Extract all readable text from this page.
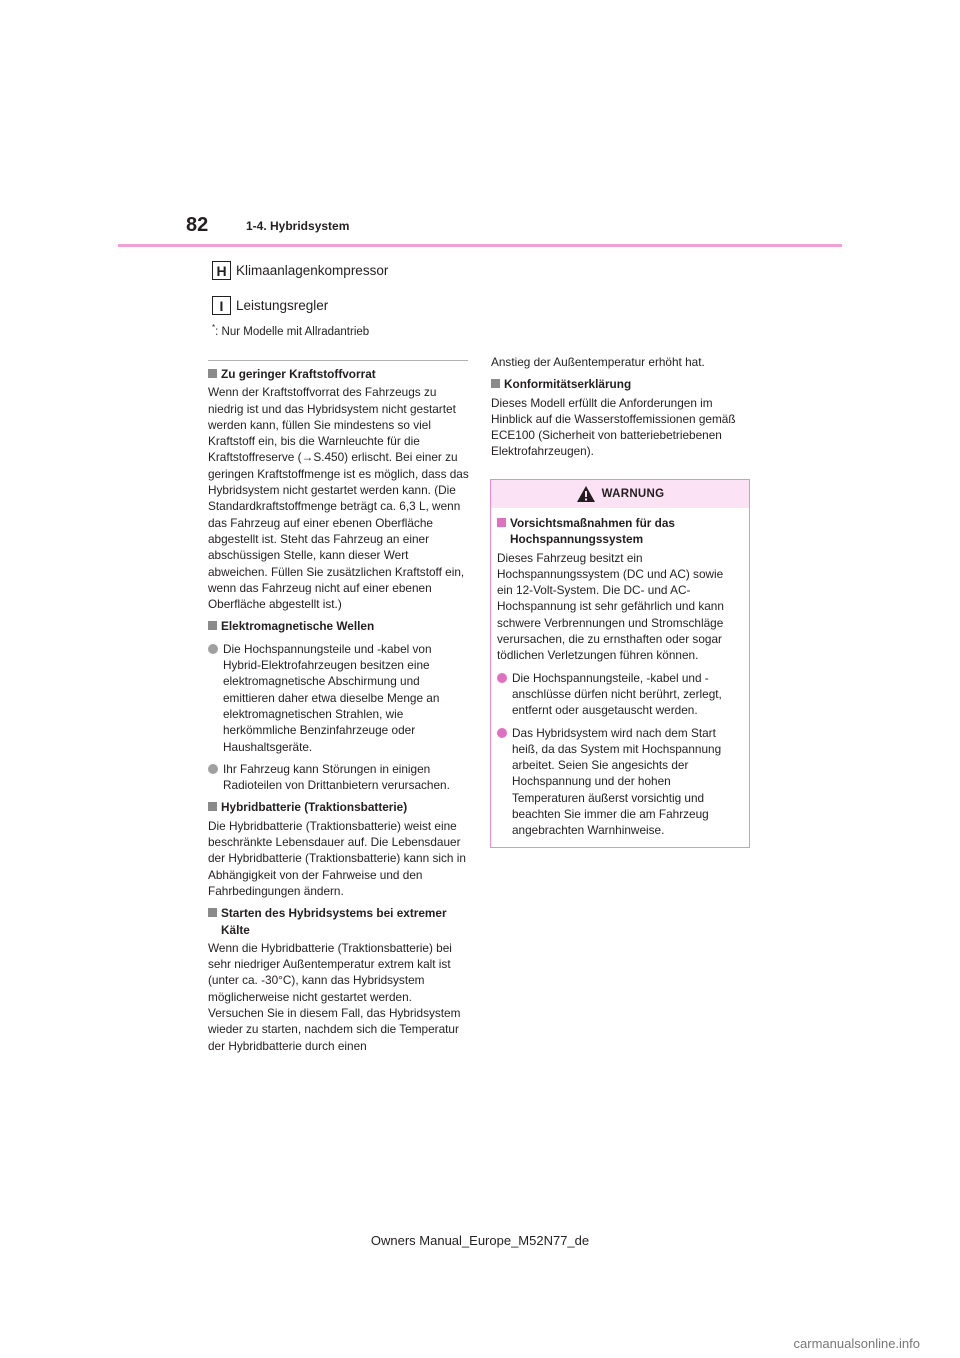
82	1-4. Hybridsystem
H Klimaanlagenkompressor
I Leistungsregler
*: Nur Modelle mit Allradantrieb
Zu geringer Kraftstoffvorrat
Wenn der Kraftstoffvorrat des Fahrzeugs zu niedrig ist und das Hybridsystem nicht gestartet werden kann, füllen Sie mindestens so viel Kraftstoff ein, bis die Warnleuchte für die Kraftstoffreserve (→S.450) erlischt. Bei einer zu geringen Kraftstoffmenge ist es möglich, dass das Hybridsystem nicht gestartet werden kann. (Die Standardkraftstoffmenge beträgt ca. 6,3 L, wenn das Fahrzeug auf einer ebenen Oberfläche abgestellt ist. Steht das Fahrzeug an einer abschüssigen Stelle, kann dieser Wert abweichen. Füllen Sie zusätzlichen Kraftstoff ein, wenn das Fahrzeug nicht auf einer ebenen Oberfläche abgestellt ist.)
Elektromagnetische Wellen
Die Hochspannungsteile und -kabel von Hybrid-Elektrofahrzeugen besitzen eine elektromagnetische Abschirmung und emittieren daher etwa dieselbe Menge an elektromagnetischen Strahlen, wie herkömmliche Benzinfahrzeuge oder Haushaltsgeräte.
Ihr Fahrzeug kann Störungen in einigen Radioteilen von Drittanbietern verursachen.
Hybridbatterie (Traktionsbatterie)
Die Hybridbatterie (Traktionsbatterie) weist eine beschränkte Lebensdauer auf. Die Lebensdauer der Hybridbatterie (Traktionsbatterie) kann sich in Abhängigkeit von der Fahrweise und den Fahrbedingungen ändern.
Starten des Hybridsystems bei extremer Kälte
Wenn die Hybridbatterie (Traktionsbatterie) bei sehr niedriger Außentemperatur extrem kalt ist (unter ca. -30°C), kann das Hybridsystem möglicherweise nicht gestartet werden. Versuchen Sie in diesem Fall, das Hybridsystem wieder zu starten, nachdem sich die Temperatur der Hybridbatterie durch einen
Anstieg der Außentemperatur erhöht hat.
Konformitätserklärung
Dieses Modell erfüllt die Anforderungen im Hinblick auf die Wasserstoffemissionen gemäß ECE100 (Sicherheit von batteriebetriebenen Elektrofahrzeugen).
WARNUNG
Vorsichtsmaßnahmen für das Hochspannungssystem
Dieses Fahrzeug besitzt ein Hochspannungssystem (DC und AC) sowie ein 12-Volt-System. Die DC- und AC-Hochspannung ist sehr gefährlich und kann schwere Verbrennungen und Stromschläge verursachen, die zu ernsthaften oder sogar tödlichen Verletzungen führen können.
Die Hochspannungsteile, -kabel und -anschlüsse dürfen nicht berührt, zerlegt, entfernt oder ausgetauscht werden.
Das Hybridsystem wird nach dem Start heiß, da das System mit Hochspannung arbeitet. Seien Sie angesichts der Hochspannung und der hohen Temperaturen äußerst vorsichtig und beachten Sie immer die am Fahrzeug angebrachten Warnhinweise.
Owners Manual_Europe_M52N77_de
carmanualsonline.info
